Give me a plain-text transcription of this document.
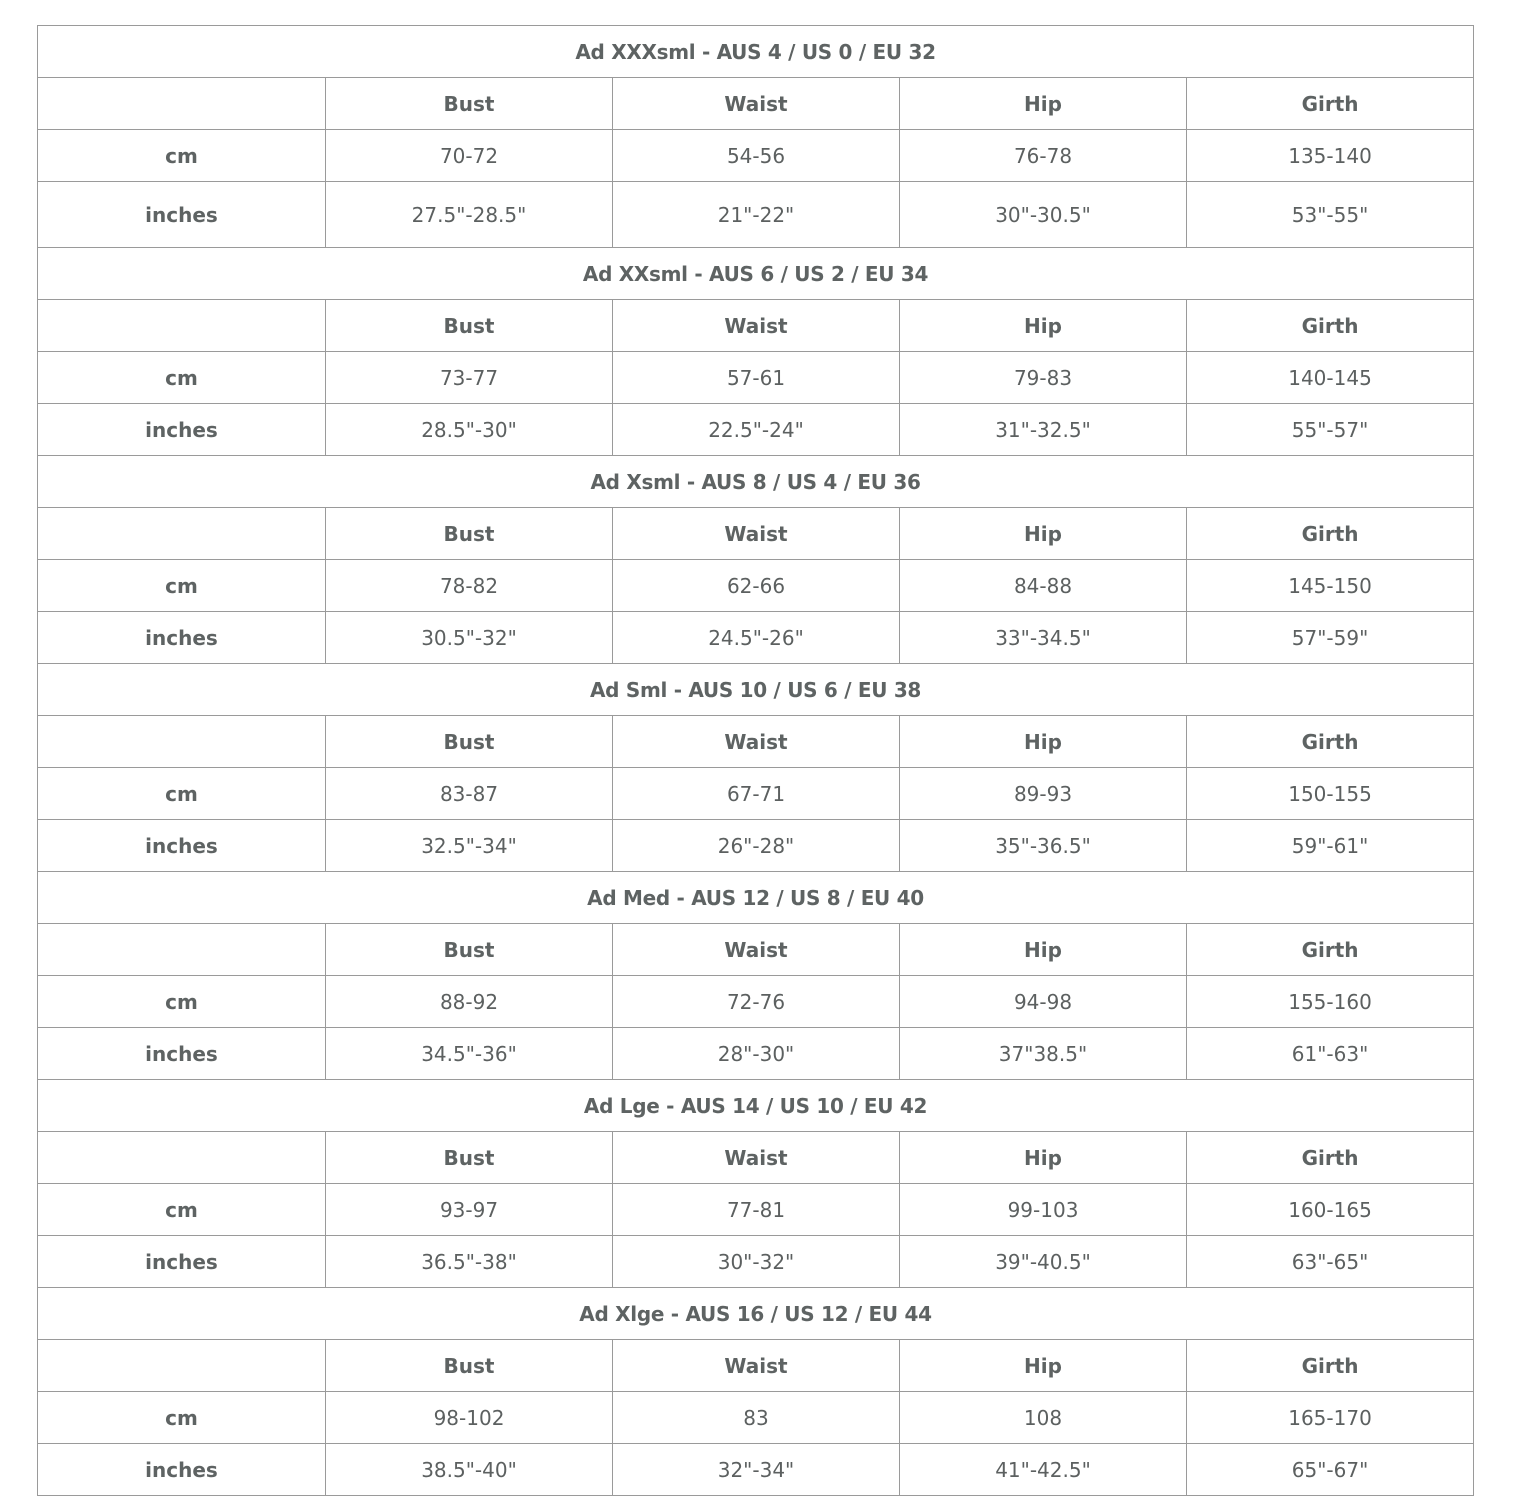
Ad XXXsml - AUS 4 / US 0 / EU 32				
	Bust	Waist	Hip	Girth
cm	70-72	54-56	76-78	135-140
inches	27.5"-28.5"	21"-22"	30"-30.5"	53"-55"
Ad XXsml - AUS 6 / US 2 / EU 34				
	Bust	Waist	Hip	Girth
cm	73-77	57-61	79-83	140-145
inches	28.5"-30"	22.5"-24"	31"-32.5"	55"-57"
Ad Xsml - AUS 8 / US 4 / EU 36				
	Bust	Waist	Hip	Girth
cm	78-82	62-66	84-88	145-150
inches	30.5"-32"	24.5"-26"	33"-34.5"	57"-59"
Ad Sml - AUS 10 / US 6 / EU 38				
	Bust	Waist	Hip	Girth
cm	83-87	67-71	89-93	150-155
inches	32.5"-34"	26"-28"	35"-36.5"	59"-61"
Ad Med - AUS 12 / US 8 / EU 40				
	Bust	Waist	Hip	Girth
cm	88-92	72-76	94-98	155-160
inches	34.5"-36"	28"-30"	37"38.5"	61"-63"
Ad Lge - AUS 14 / US 10 / EU 42				
	Bust	Waist	Hip	Girth
cm	93-97	77-81	99-103	160-165
inches	36.5"-38"	30"-32"	39"-40.5"	63"-65"
Ad Xlge - AUS 16 / US 12 / EU 44				
	Bust	Waist	Hip	Girth
cm	98-102	83	108	165-170
inches	38.5"-40"	32"-34"	41"-42.5"	65"-67"
